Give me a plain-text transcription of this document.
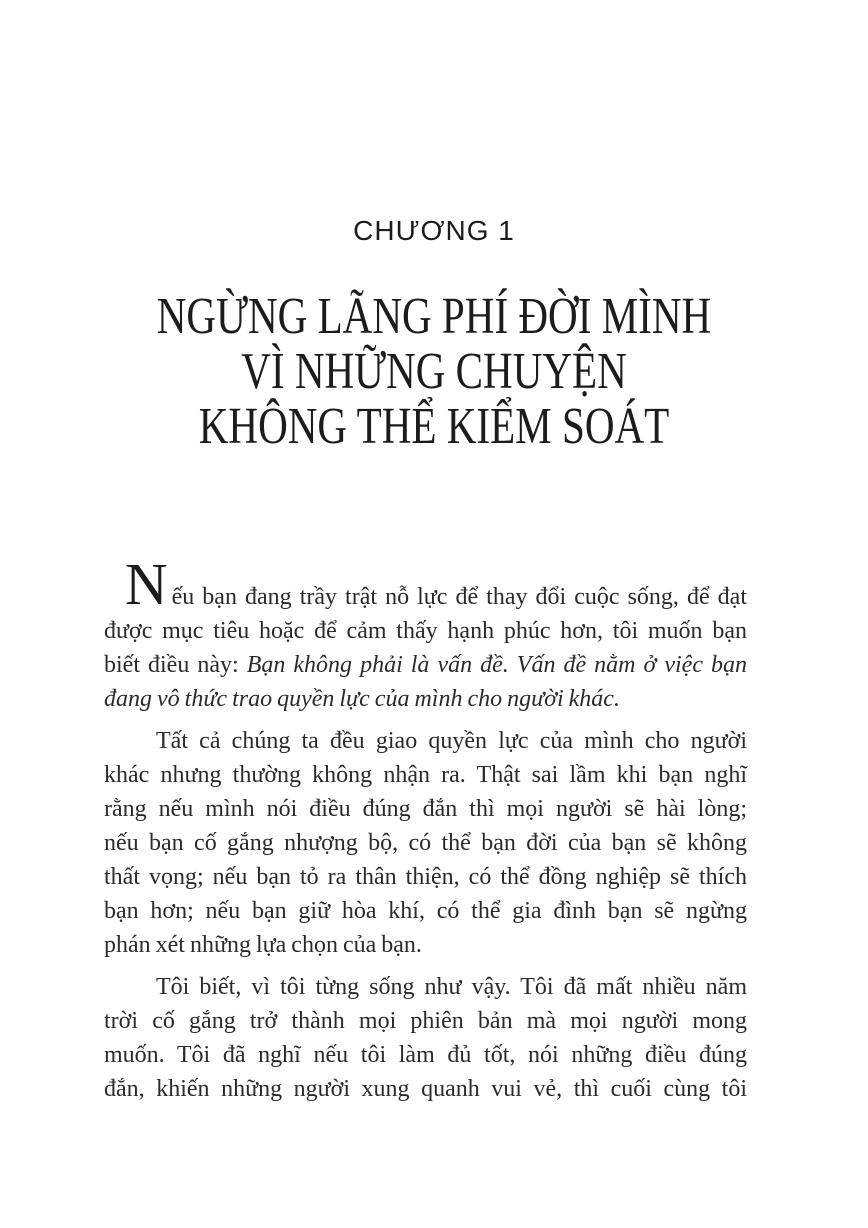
CHƯƠNG 1
NGỪNG LÃNG PHÍ ĐỜI MÌNH
VÌ NHỮNG CHUYỆN
KHÔNG THỂ KIỂM SOÁT
Nếu bạn đang trầy trật nỗ lực để thay đổi cuộc sống, để đạt
được mục tiêu hoặc để cảm thấy hạnh phúc hơn, tôi muốn bạn
biết điều này: Bạn không phải là vấn đề. Vấn đề nằm ở việc bạn
đang vô thức trao quyền lực của mình cho người khác.
Tất cả chúng ta đều giao quyền lực của mình cho người
khác nhưng thường không nhận ra. Thật sai lầm khi bạn nghĩ
rằng nếu mình nói điều đúng đắn thì mọi người sẽ hài lòng;
nếu bạn cố gắng nhượng bộ, có thể bạn đời của bạn sẽ không
thất vọng; nếu bạn tỏ ra thân thiện, có thể đồng nghiệp sẽ thích
bạn hơn; nếu bạn giữ hòa khí, có thể gia đình bạn sẽ ngừng
phán xét những lựa chọn của bạn.
Tôi biết, vì tôi từng sống như vậy. Tôi đã mất nhiều năm
trời cố gắng trở thành mọi phiên bản mà mọi người mong
muốn. Tôi đã nghĩ nếu tôi làm đủ tốt, nói những điều đúng
đắn, khiến những người xung quanh vui vẻ, thì cuối cùng tôi
